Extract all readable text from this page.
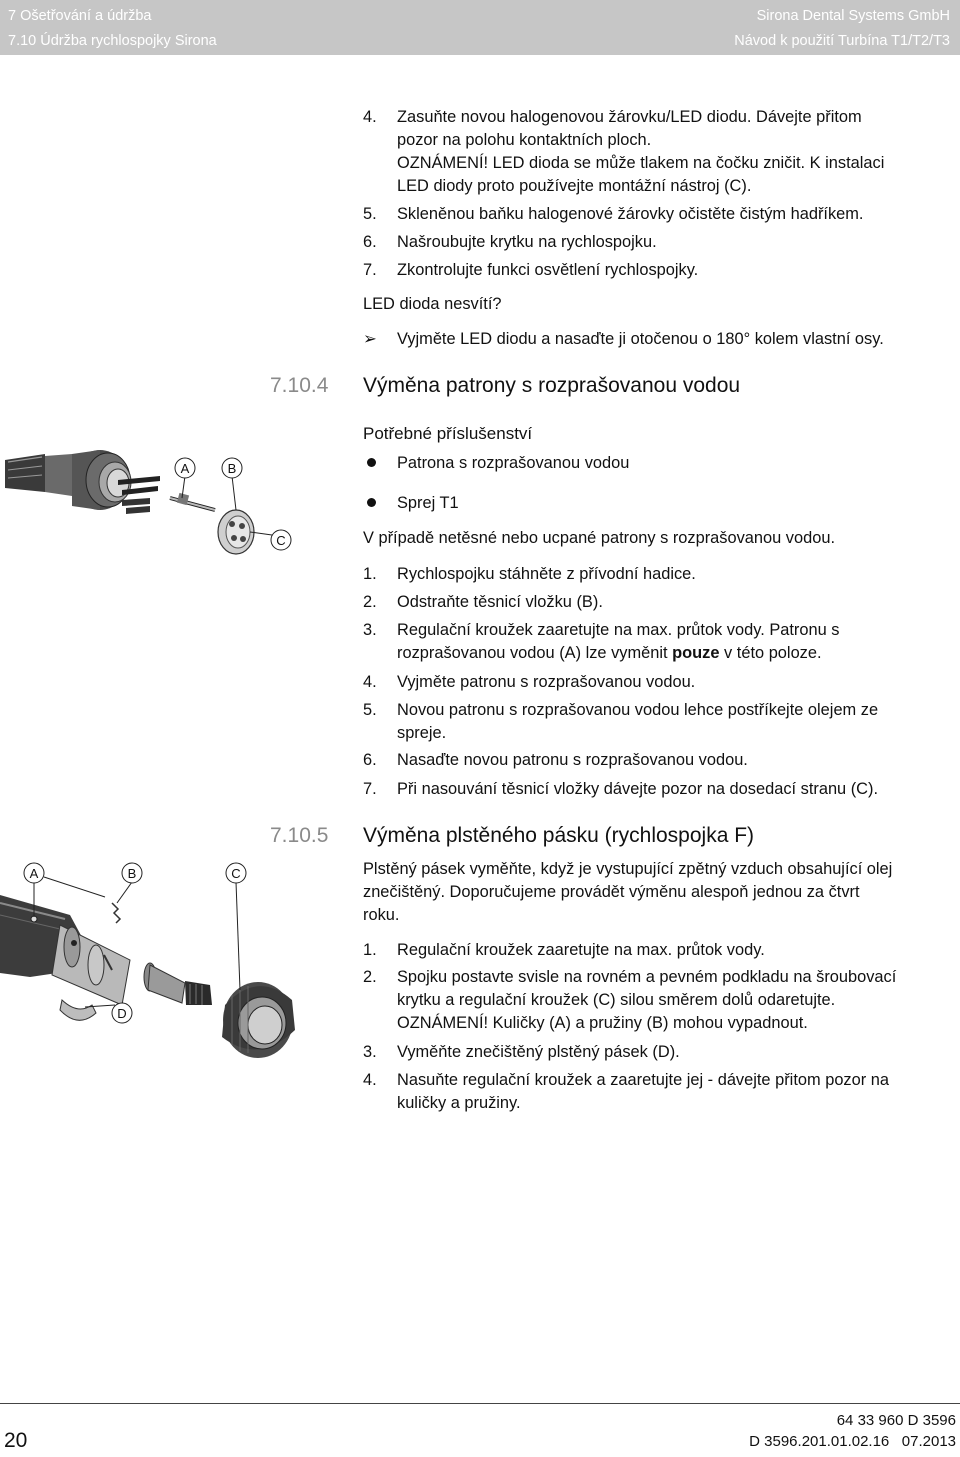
7 Ošetřování a údržba
7.10 Údržba rychlospojky Sirona
Sirona Dental Systems GmbH
Návod k použití Turbína T1/T2/T3
4. Zasuňte novou halogenovou žárovku/LED diodu. Dávejte přitom
pozor na polohu kontaktních ploch.
OZNÁMENÍ! LED dioda se může tlakem na čočku zničit. K instalaci
LED diody proto používejte montážní nástroj (C).
5. Skleněnou baňku halogenové žárovky očistěte čistým hadříkem.
6. Našroubujte krytku na rychlospojku.
7. Zkontrolujte funkci osvětlení rychlospojky.
LED dioda nesvítí?
➢ Vyjměte LED diodu a nasaďte ji otočenou o 180° kolem vlastní osy.
7.10.4 Výměna patrony s rozprašovanou vodou
Potřebné příslušenství
Patrona s rozprašovanou vodou
Sprej T1
V případě netěsné nebo ucpané patrony s rozprašovanou vodou.
1. Rychlospojku stáhněte z přívodní hadice.
2. Odstraňte těsnicí vložku (B).
3. Regulační kroužek zaaretujte na max. průtok vody. Patronu s
rozprašovanou vodou (A) lze vyměnit pouze v této poloze.
4. Vyjměte patronu s rozprašovanou vodou.
5. Novou patronu s rozprašovanou vodou lehce postříkejte olejem ze
spreje.
6. Nasaďte novou patronu s rozprašovanou vodou.
7. Při nasouvání těsnicí vložky dávejte pozor na dosedací stranu (C).
A	B
C
7.10.5 Výměna plstěného pásku (rychlospojka F)
Plstěný pásek vyměňte, když je vystupující zpětný vzduch obsahující olej
znečištěný. Doporučujeme provádět výměnu alespoň jednou za čtvrt
roku.
1. Regulační kroužek zaaretujte na max. průtok vody.
2. Spojku postavte svisle na rovném a pevném podkladu na šroubovací
krytku a regulační kroužek (C) silou směrem dolů odaretujte.
OZNÁMENÍ! Kuličky (A) a pružiny (B) mohou vypadnout.
3. Vyměňte znečištěný plstěný pásek (D).
4. Nasuňte regulační kroužek a zaaretujte jej - dávejte přitom pozor na
kuličky a pružiny.
A	B	C
D
20
64 33 960 D 3596
D 3596.201.01.02.16   07.2013
